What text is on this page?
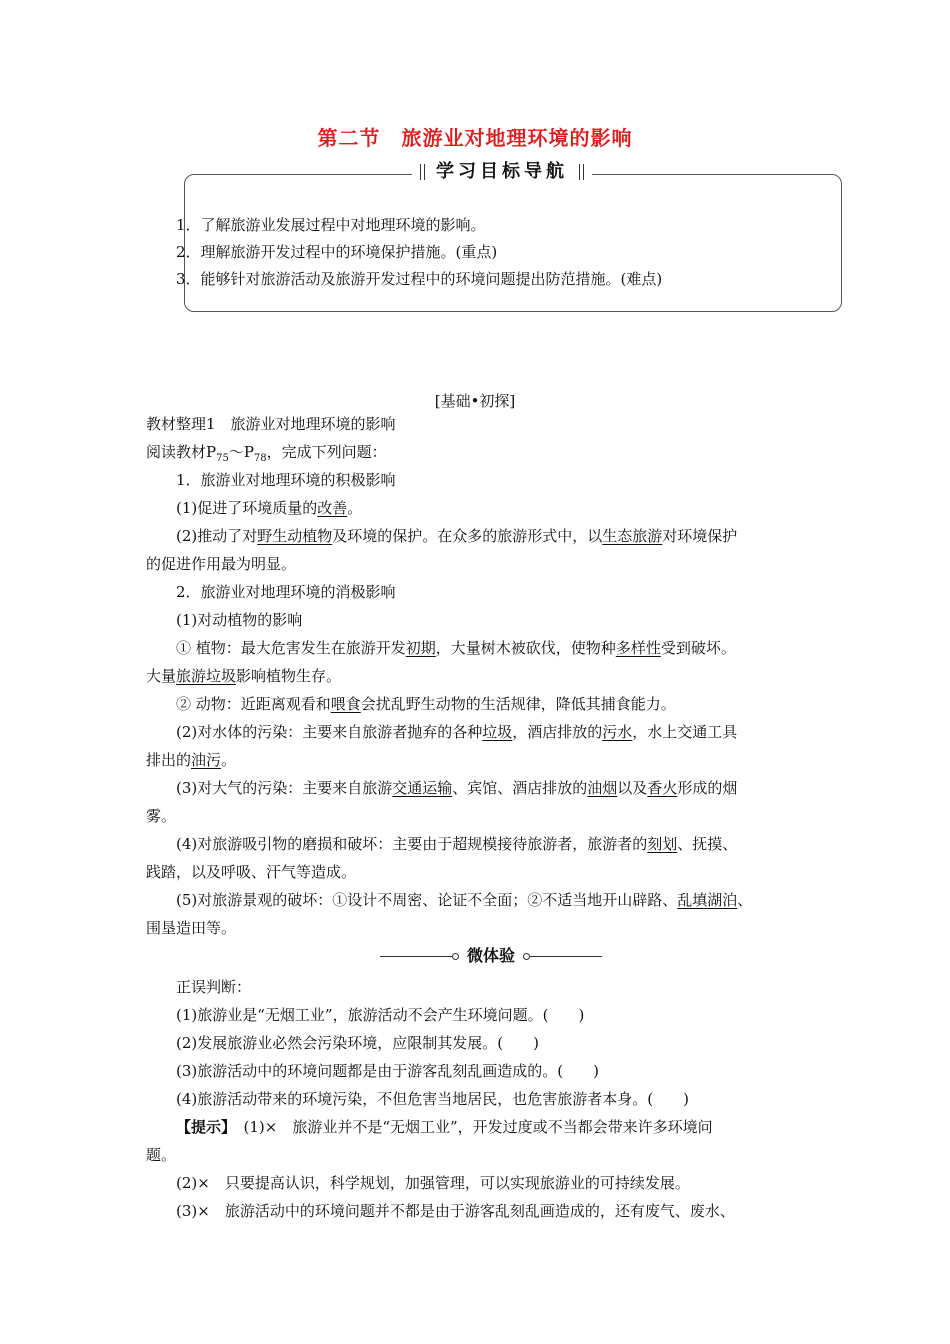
第二节　旅游业对地理环境的影响
学习目标导航
1．了解旅游业发展过程中对地理环境的影响。
2．理解旅游开发过程中的环境保护措施。(重点)
3．能够针对旅游活动及旅游开发过程中的环境问题提出防范措施。(难点)
[基础•初探]
教材整理1　旅游业对地理环境的影响
阅读教材$P_{75}\sim P_{78}$，完成下列问题：
1．旅游业对地理环境的积极影响
(1)促进了环境质量的改善。
(2)推动了对野生动植物及环境的保护。在众多的旅游形式中，以生态旅游对环境保护
的促进作用最为明显。
2．旅游业对地理环境的消极影响
(1)对动植物的影响
① 植物：最大危害发生在旅游开发初期，大量树木被砍伐，使物种多样性受到破坏。
大量旅游垃圾影响植物生存。
② 动物：近距离观看和喂食会扰乱野生动物的生活规律，降低其捕食能力。
(2)对水体的污染：主要来自旅游者抛弃的各种垃圾，酒店排放的污水，水上交通工具
排出的油污。
(3)对大气的污染：主要来自旅游交通运输、宾馆、酒店排放的油烟以及香火形成的烟
雾。
(4)对旅游吸引物的磨损和破坏：主要由于超规模接待旅游者，旅游者的刻划、抚摸、
践踏，以及呼吸、汗气等造成。
(5)对旅游景观的破坏：①设计不周密、论证不全面；②不适当地开山辟路、乱填湖泊、
围垦造田等。
微体验
正误判断：
(1)旅游业是“无烟工业”，旅游活动不会产生环境问题。(　　)
(2)发展旅游业必然会污染环境，应限制其发展。(　　)
(3)旅游活动中的环境问题都是由于游客乱刻乱画造成的。(　　)
(4)旅游活动带来的环境污染，不但危害当地居民，也危害旅游者本身。(　　)
【提示】　(1)×　旅游业并不是“无烟工业”，开发过度或不当都会带来许多环境问
题。
(2)×　只要提高认识，科学规划，加强管理，可以实现旅游业的可持续发展。
(3)×　旅游活动中的环境问题并不都是由于游客乱刻乱画造成的，还有废气、废水、
